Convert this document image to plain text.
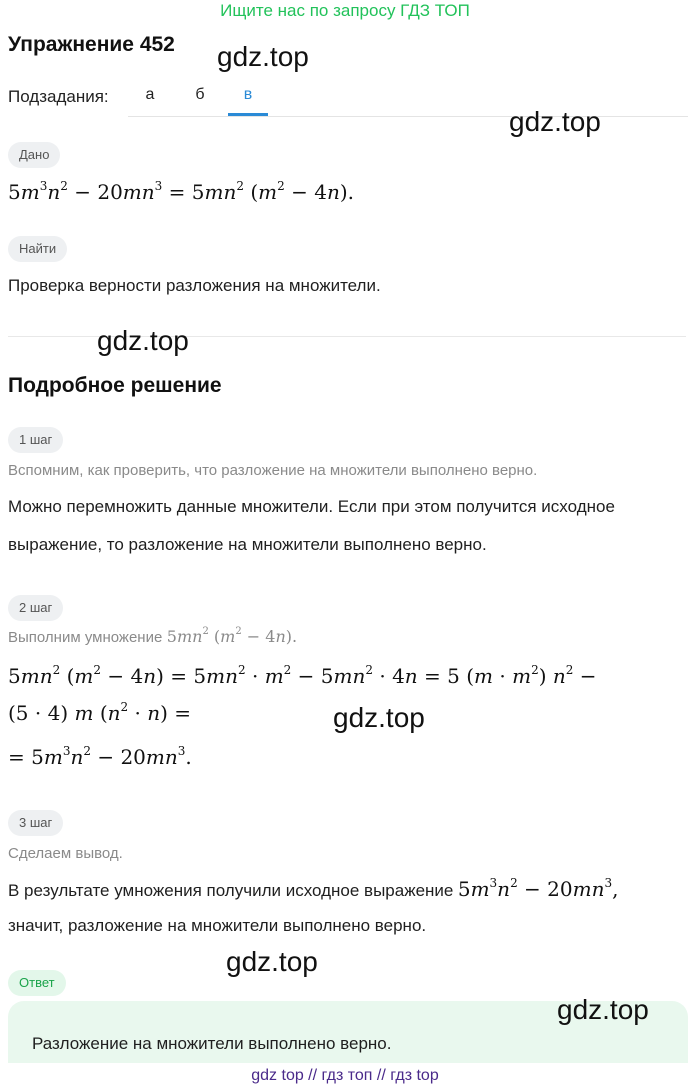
Ищите нас по запросу ГДЗ ТОП
Упражнение 452
Подзадания:	а	б	в
Дано
$5m^3n^2 - 20mn^3 = 5mn^2$ $(m^2 - 4n)$.
Найти
Проверка верности разложения на множители.
Подробное решение
1 шаг
Вспомним, как проверить, что разложение на множители выполнено верно.
Можно перемножить данные множители. Если при этом получится исходное
выражение, то разложение на множители выполнено верно.
2 шаг
Выполним умножение $5mn^2$ $(m^2 - 4n)$.
$5mn^2$ $(m^2 - 4n) = 5mn^2 \cdot m^2 - 5mn^2 \cdot 4n = 5$ $(m \cdot m^2)$ $n^2$ −
(5 · 4) m $(n^2 \cdot n)$ =
= $5m^3n^2 - 20mn^3$.
3 шаг
Сделаем вывод.
В результате умножения получили исходное выражение $5m^3n^2 - 20mn^3$,
значит, разложение на множители выполнено верно.
Ответ
Разложение на множители выполнено верно.
gdz.top
gdz.top
gdz.top
gdz.top
gdz.top
gdz.top
gdz top // гдз топ // гдз top
